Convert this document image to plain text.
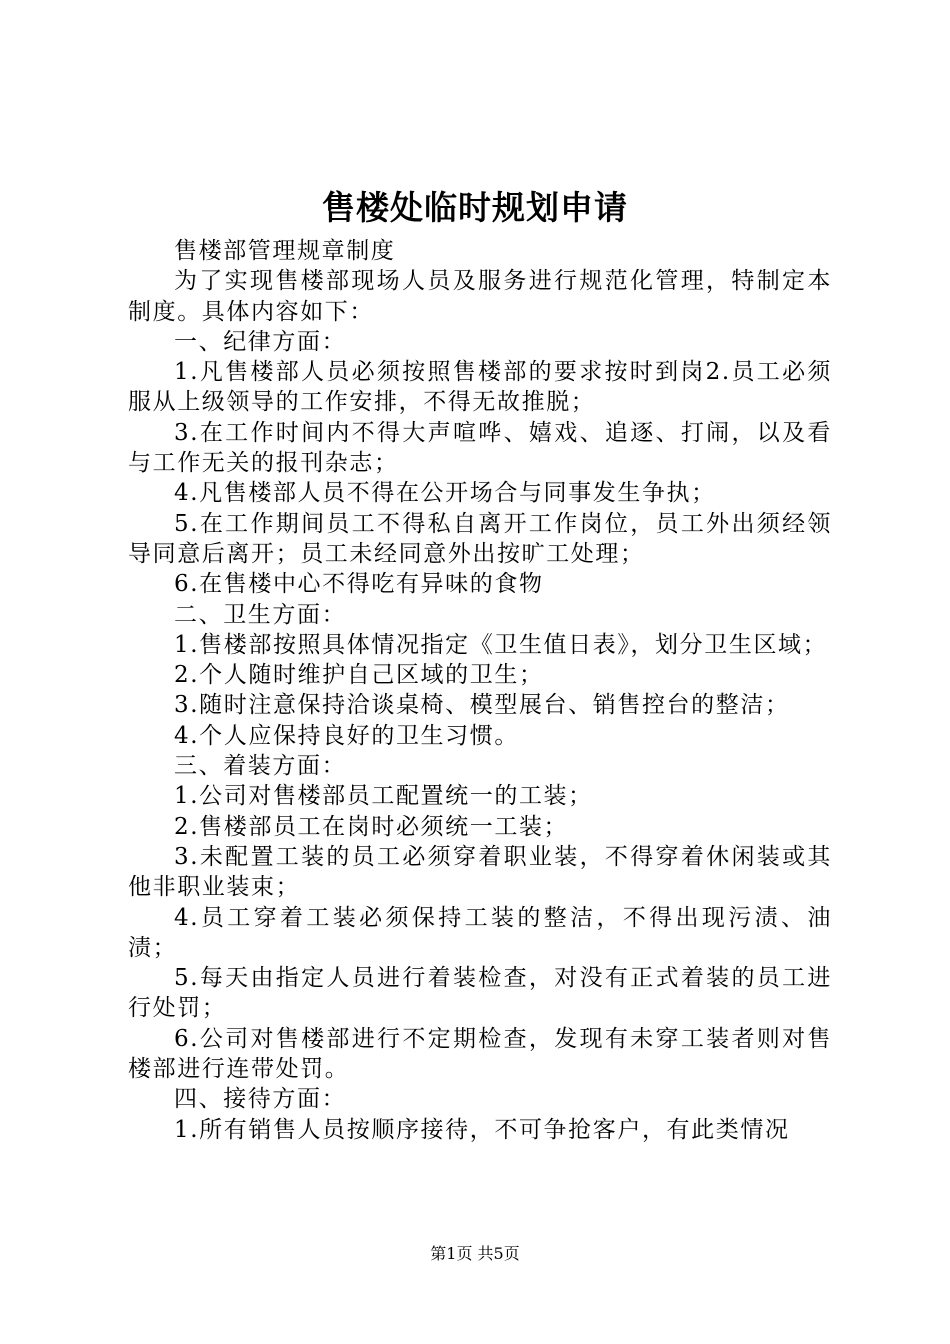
售楼处临时规划申请

售楼部管理规章制度

为了实现售楼部现场人员及服务进行规范化管理，特制定本制度。具体内容如下：

一、纪律方面：

1.凡售楼部人员必须按照售楼部的要求按时到岗2.员工必须服从上级领导的工作安排，不得无故推脱；

3.在工作时间内不得大声喧哗、嬉戏、追逐、打闹，以及看与工作无关的报刊杂志；

4.凡售楼部人员不得在公开场合与同事发生争执；

5.在工作期间员工不得私自离开工作岗位，员工外出须经领导同意后离开；员工未经同意外出按旷工处理；

6.在售楼中心不得吃有异味的食物

二、卫生方面：

1.售楼部按照具体情况指定《卫生值日表》，划分卫生区域；

2.个人随时维护自己区域的卫生；

3.随时注意保持洽谈桌椅、模型展台、销售控台的整洁；

4.个人应保持良好的卫生习惯。

三、着装方面：

1.公司对售楼部员工配置统一的工装；

2.售楼部员工在岗时必须统一工装；

3.未配置工装的员工必须穿着职业装，不得穿着休闲装或其他非职业装束；

4.员工穿着工装必须保持工装的整洁，不得出现污渍、油渍；

5.每天由指定人员进行着装检查，对没有正式着装的员工进行处罚；

6.公司对售楼部进行不定期检查，发现有未穿工装者则对售楼部进行连带处罚。

四、接待方面：

1.所有销售人员按顺序接待，不可争抢客户，有此类情况

第1页 共5页
